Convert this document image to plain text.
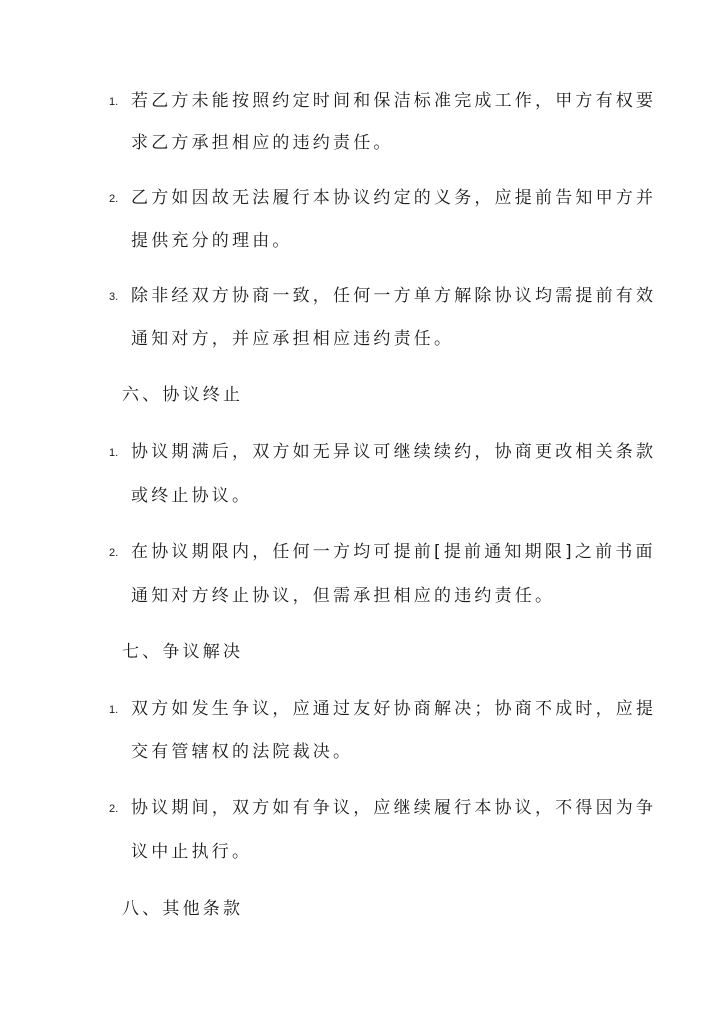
1. 若乙方未能按照约定时间和保洁标准完成工作，甲方有权要
求乙方承担相应的违约责任。
2. 乙方如因故无法履行本协议约定的义务，应提前告知甲方并
提供充分的理由。
3. 除非经双方协商一致，任何一方单方解除协议均需提前有效
通知对方，并应承担相应违约责任。
六、协议终止
1. 协议期满后，双方如无异议可继续续约，协商更改相关条款
或终止协议。
2. 在协议期限内，任何一方均可提前[提前通知期限]之前书面
通知对方终止协议，但需承担相应的违约责任。
七、争议解决
1. 双方如发生争议，应通过友好协商解决；协商不成时，应提
交有管辖权的法院裁决。
2. 协议期间，双方如有争议，应继续履行本协议，不得因为争
议中止执行。
八、其他条款
